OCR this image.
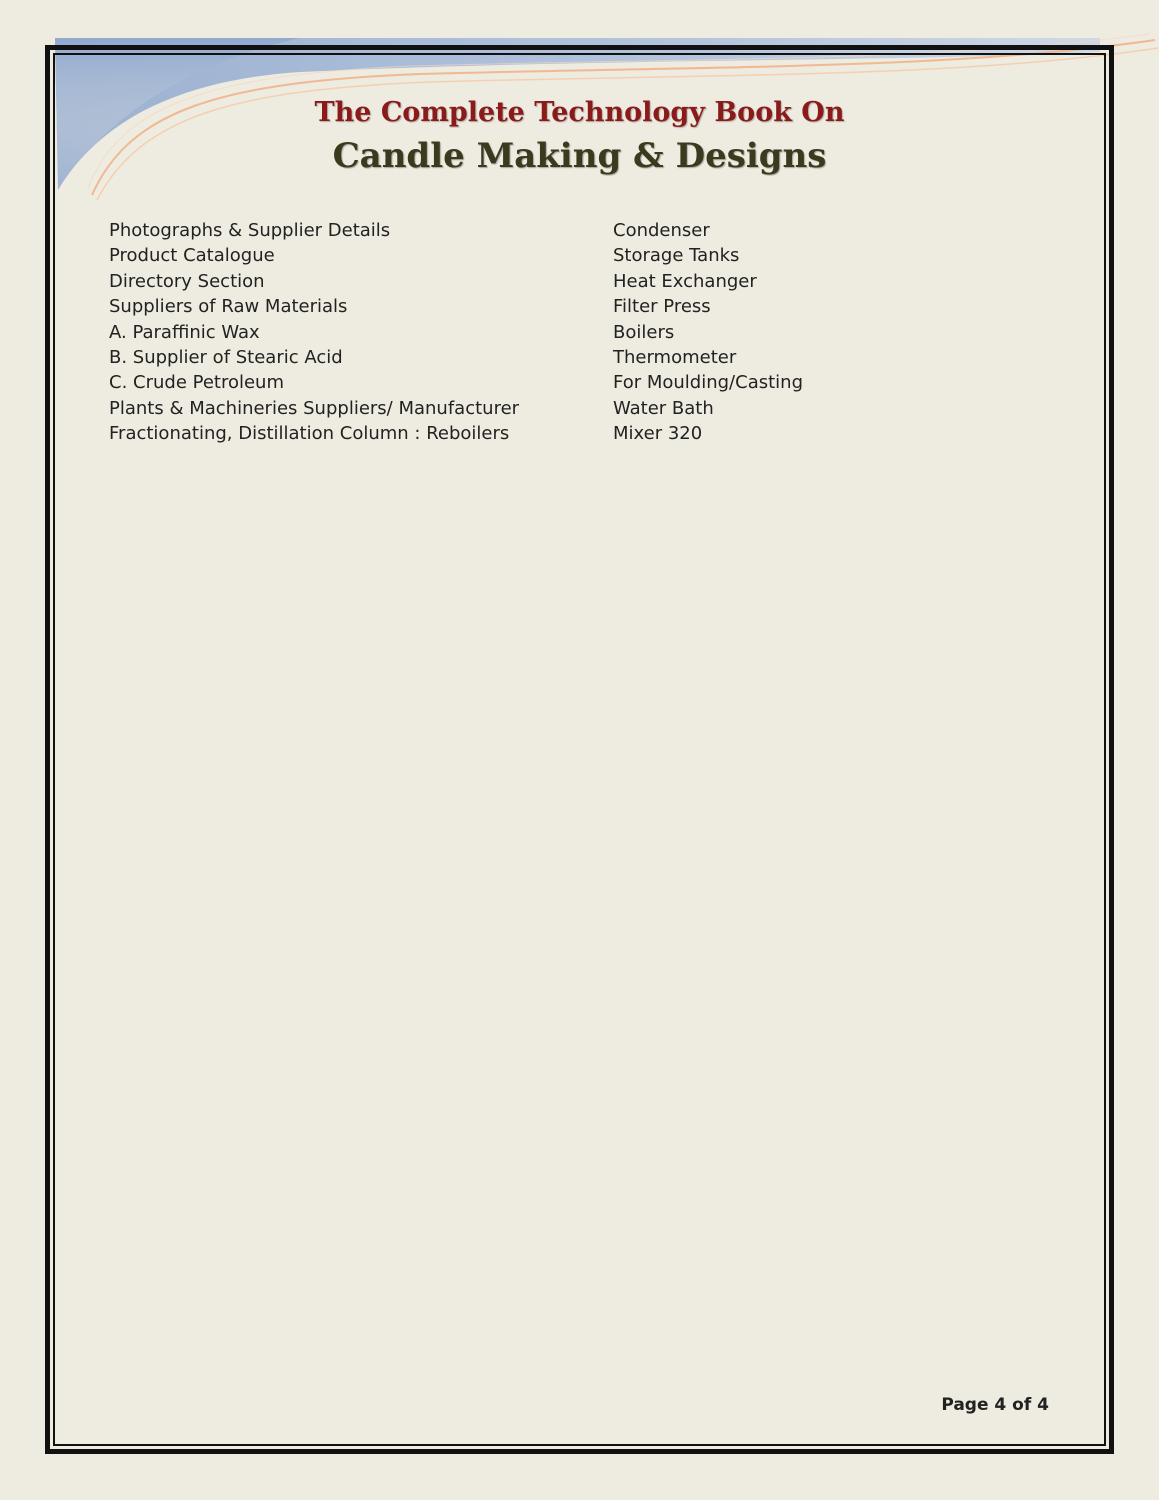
The Complete Technology Book On
Candle Making & Designs
Photographs & Supplier Details
Product Catalogue
Directory Section
Suppliers of Raw Materials
A. Paraffinic Wax
B. Supplier of Stearic Acid
C. Crude Petroleum
Plants & Machineries Suppliers/ Manufacturer
Fractionating, Distillation Column : Reboilers
Condenser
Storage Tanks
Heat Exchanger
Filter Press
Boilers
Thermometer
For Moulding/Casting
Water Bath
Mixer 320
Page 4 of 4
